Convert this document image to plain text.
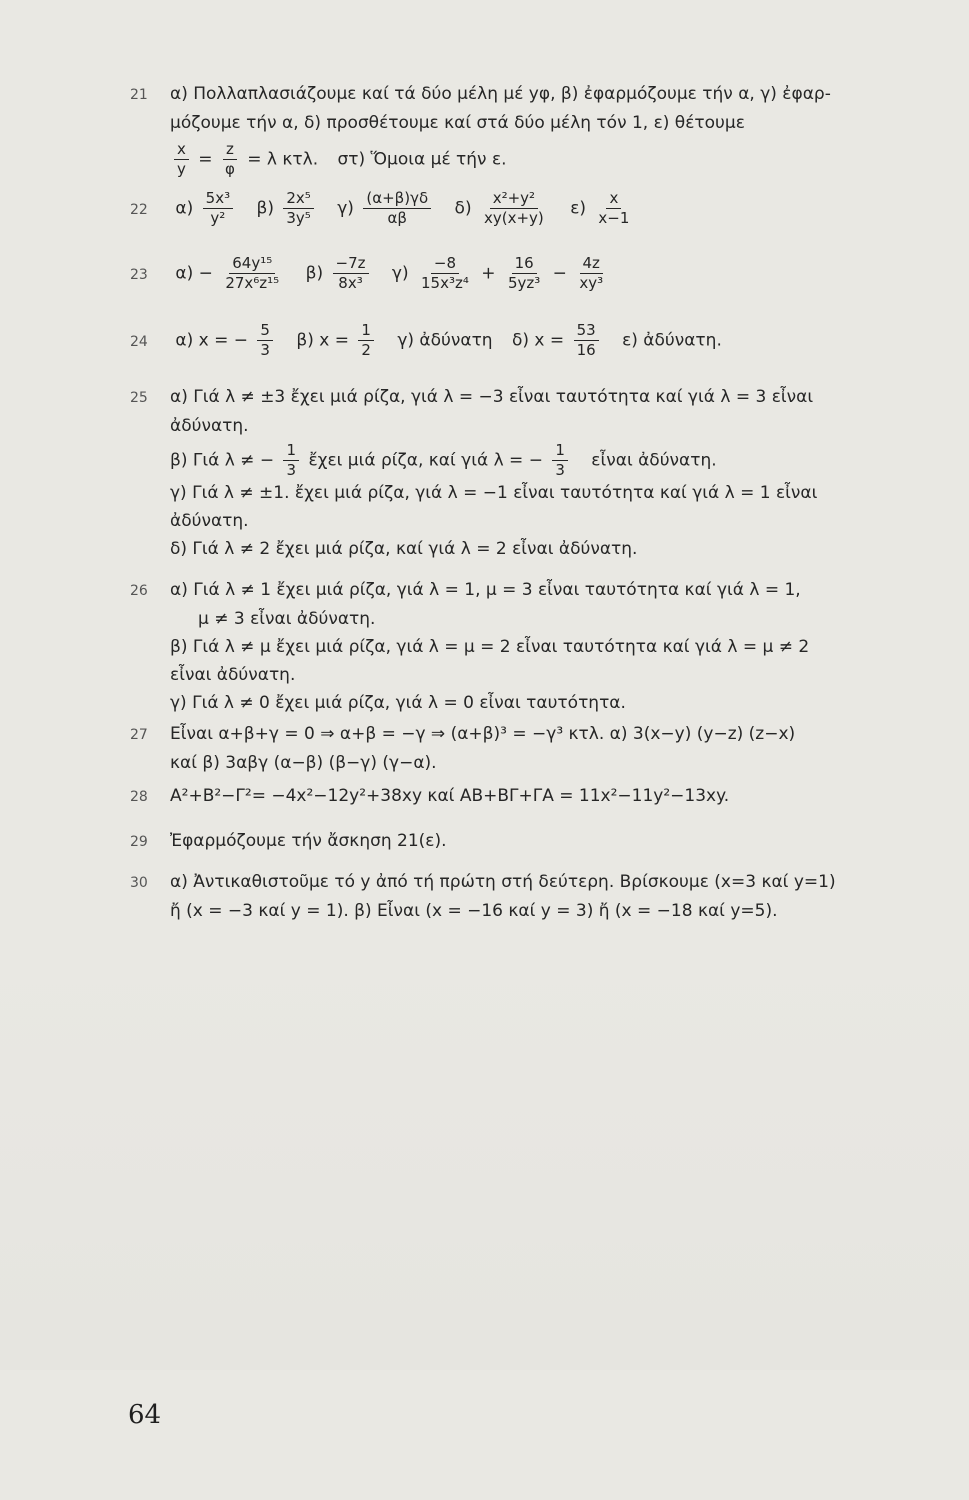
21 α) Πολλαπλασιάζουμε καί τά δύο μέλη μέ yφ, β) ἐφαρμόζουμε τήν α, γ) ἐφαρ-
μόζουμε τήν α, δ) προσθέτουμε καί στά δύο μέλη τόν 1, ε) θέτουμε
$\frac{x}{y} = \frac{z}{\varphi} = \lambda$ κτλ. στ) Ὅμοια μέ τήν ε.
22 $\alpha) \frac{\text{5x³}}{\text{y²}} \beta) \frac{\text{2x⁵}}{\text{3y⁵}} \gamma) \frac{(\alpha+\beta)\gamma\delta}{\alpha\beta} \delta) \frac{\text{x²+y²}}{xy(x+y)} \varepsilon) \frac{x}{x-1}$
23 $\alpha) - \frac{\text{64y¹⁵}}{\text{27x⁶z¹⁵}} \beta) \frac{-7z}{\text{8x³}} \gamma) \frac{-8}{\text{15x³z⁴}} + \frac{16}{\text{5yz³}} - \frac{4z}{\text{xy³}}$
24 α) x = − $\frac{5}{3} \beta$) $x = \frac{1}{2} \gamma$) ἀδύνατη δ) $x = \frac{53}{16} \varepsilon$) ἀδύνατη.
25 α) Γιά λ ≠ ±3 ἔχει μιά ρίζα, γιά λ = −3 εἶναι ταυτότητα καί γιά λ = 3 εἶναι
ἀδύνατη.
β) Γιά λ ≠ − $\frac{1}{3}$ ἔχει μιά ρίζα, καί γιά λ = − $\frac{1}{3}$ εἶναι ἀδύνατη.
γ) Γιά λ ≠ ±1. ἔχει μιά ρίζα, γιά λ = −1 εἶναι ταυτότητα καί γιά λ = 1 εἶναι
ἀδύνατη.
δ) Γιά λ ≠ 2 ἔχει μιά ρίζα, καί γιά λ = 2 εἶναι ἀδύνατη.
26 α) Γιά λ ≠ 1 ἔχει μιά ρίζα, γιά λ = 1, μ = 3 εἶναι ταυτότητα καί γιά λ = 1,
μ ≠ 3 εἶναι ἀδύνατη.
β) Γιά λ ≠ μ ἔχει μιά ρίζα, γιά λ = μ = 2 εἶναι ταυτότητα καί γιά λ = μ ≠ 2
εἶναι ἀδύνατη.
γ) Γιά λ ≠ 0 ἔχει μιά ρίζα, γιά λ = 0 εἶναι ταυτότητα.
27 Εἶναι α+β+γ = 0 ⇒ α+β = −γ ⇒ (α+β)³ = −γ³ κτλ. α) 3(x−y) (y−z) (z−x)
καί β) 3αβγ (α−β) (β−γ) (γ−α).
28 Α²+Β²−Γ²= −4x²−12y²+38xy καί ΑΒ+ΒΓ+ΓΑ = 11x²−11y²−13xy.
29 Ἐφαρμόζουμε τήν ἄσκηση 21(ε).
30 α) Ἀντικαθιστοῦμε τό y ἀπό τή πρώτη στή δεύτερη. Βρίσκουμε (x=3 καί y=1)
ἤ (x = −3 καί y = 1). β) Εἶναι (x = −16 καί y = 3) ἤ (x = −18 καί y=5).
64
